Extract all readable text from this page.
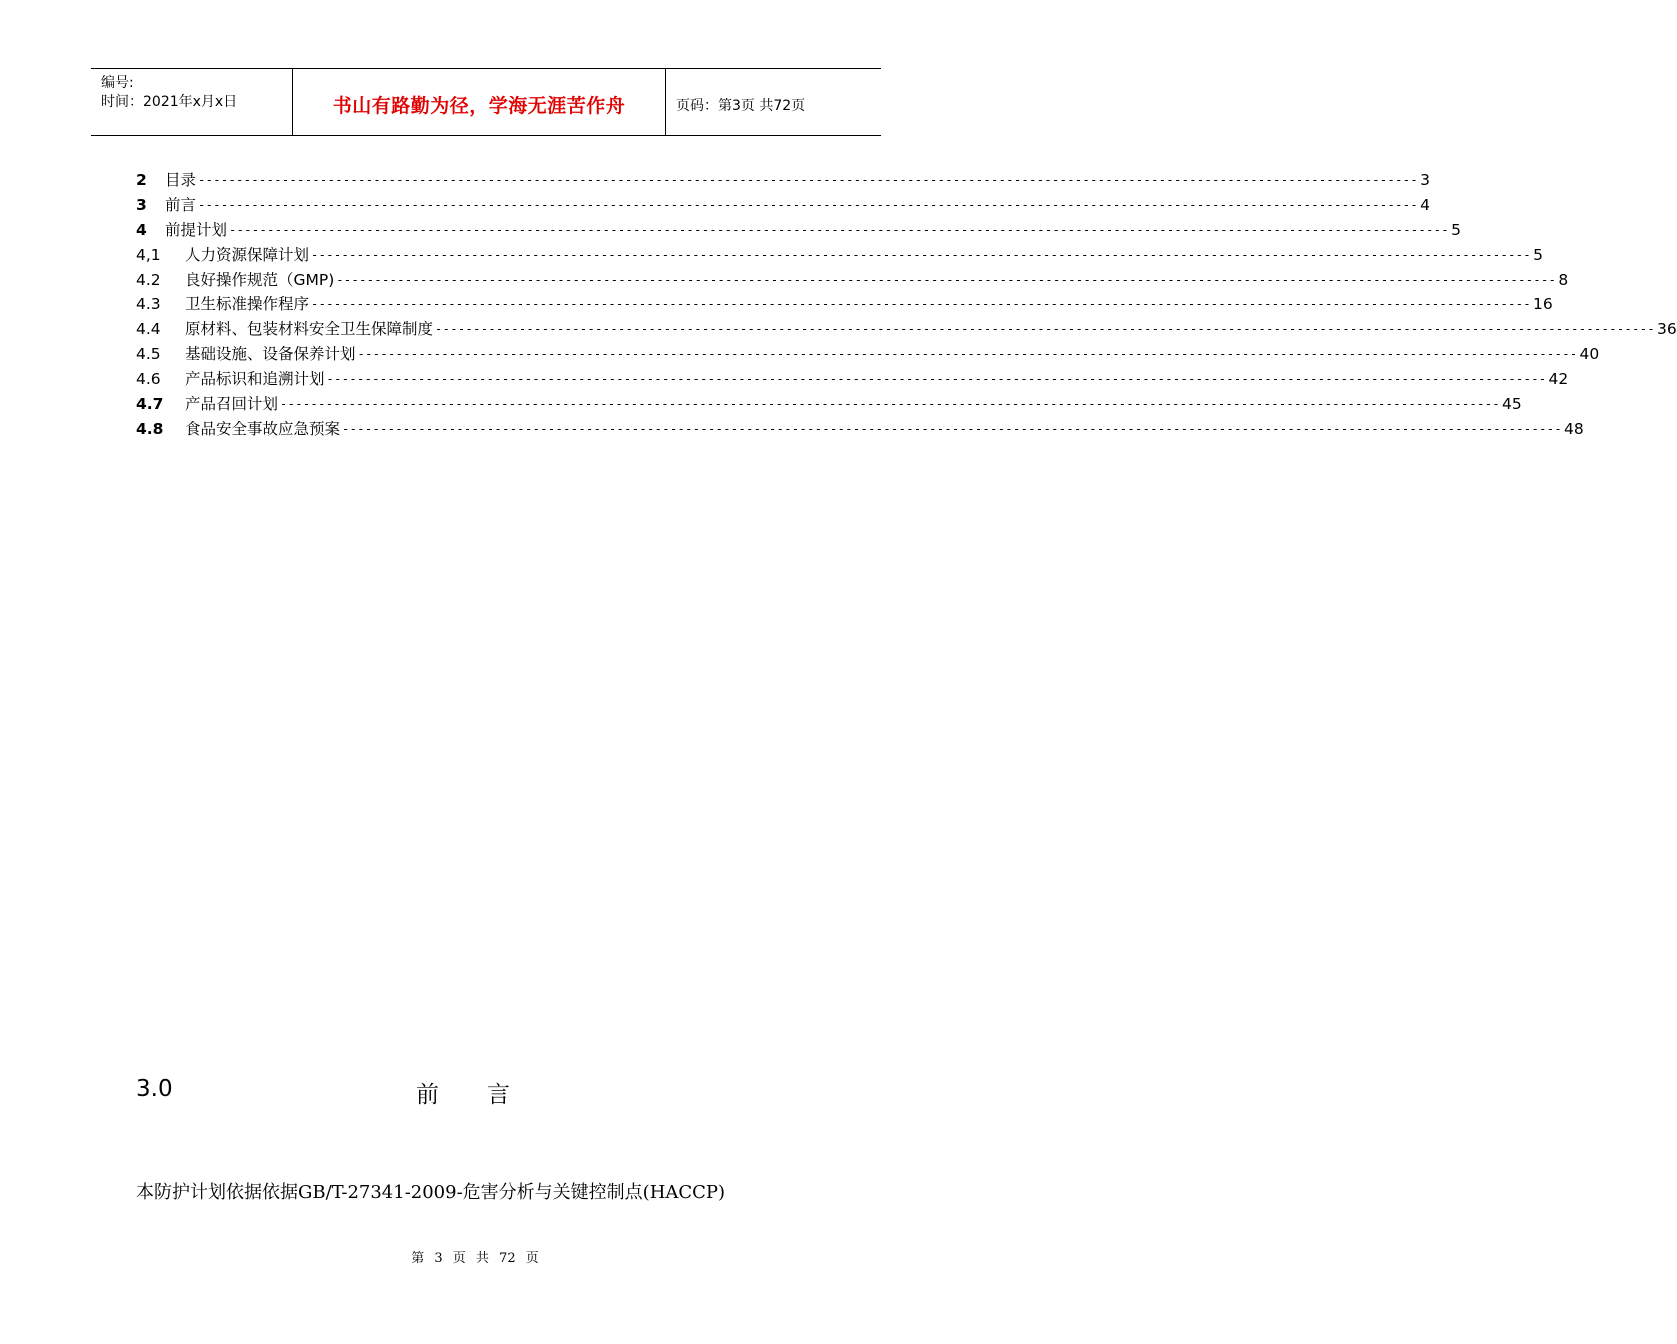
编号:
时间：2021年x月x日	书山有路勤为径，学海无涯苦作舟	页码：第3页 共72页
2	目录 ---------------------------------------------------------------------------------------------------------------------------------------------------------------- 3
3	前言 ---------------------------------------------------------------------------------------------------------------------------------------------------------------- 4
4	前提计划 ---------------------------------------------------------------------------------------------------------------------------------------------------------------- 5
4,1	人力资源保障计划 ---------------------------------------------------------------------------------------------------------------------------------------------------------------- 5
4.2	良好操作规范（GMP) ---------------------------------------------------------------------------------------------------------------------------------------------------------------- 8
4.3	卫生标准操作程序 ---------------------------------------------------------------------------------------------------------------------------------------------------------------- 16
4.4	原材料、包装材料安全卫生保障制度 ---------------------------------------------------------------------------------------------------------------------------------------------------------------- 36
4.5	基础设施、设备保养计划 ---------------------------------------------------------------------------------------------------------------------------------------------------------------- 40
4.6	产品标识和追溯计划 ---------------------------------------------------------------------------------------------------------------------------------------------------------------- 42
4.7	产品召回计划 ---------------------------------------------------------------------------------------------------------------------------------------------------------------- 45
4.8	食品安全事故应急预案 ---------------------------------------------------------------------------------------------------------------------------------------------------------------- 48
3.0	前言
本防护计划依据依据GB/T-27341-2009-危害分析与关键控制点(HACCP)
第 3 页 共 72 页
